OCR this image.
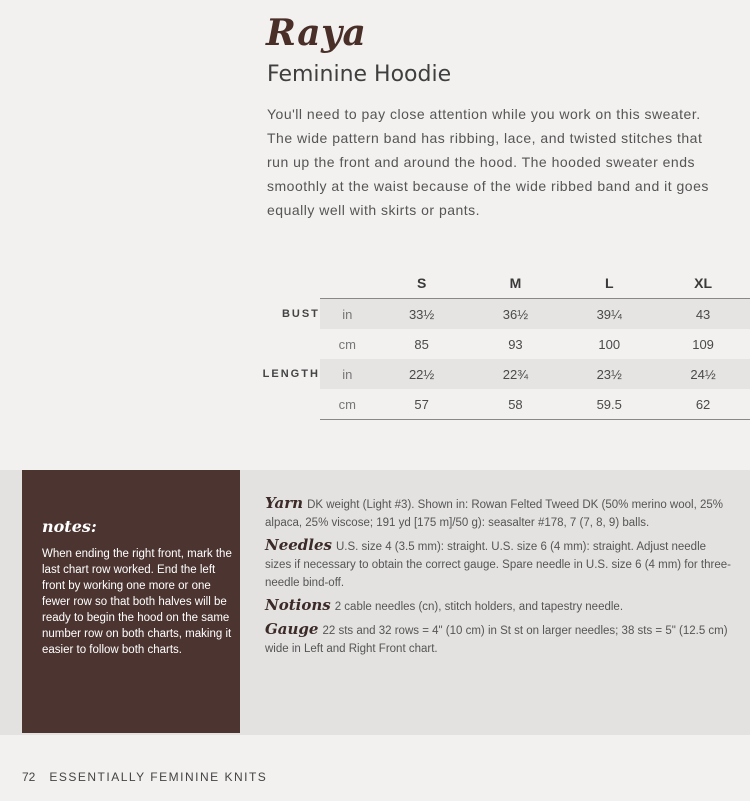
Raya
Feminine Hoodie
You'll need to pay close attention while you work on this sweater. The wide pattern band has ribbing, lace, and twisted stitches that run up the front and around the hood. The hooded sweater ends smoothly at the waist because of the wide ribbed band and it goes equally well with skirts or pants.
		S	M	L	XL
BUST	in	33½	36½	39¼	43
	cm	85	93	100	109
LENGTH	in	22½	22¾	23½	24½
	cm	57	58	59.5	62
notes:
When ending the right front, mark the last chart row worked. End the left front by working one more or one fewer row so that both halves will be ready to begin the hood on the same number row on both charts, making it easier to follow both charts.

Yarn DK weight (Light #3). Shown in: Rowan Felted Tweed DK (50% merino wool, 25% alpaca, 25% viscose; 191 yd [175 m]/50 g): seasalter #178, 7 (7, 8, 9) balls.

Needles U.S. size 4 (3.5 mm): straight. U.S. size 6 (4 mm): straight. Adjust needle sizes if necessary to obtain the correct gauge. Spare needle in U.S. size 6 (4 mm) for three-needle bind-off.

Notions 2 cable needles (cn), stitch holders, and tapestry needle.

Gauge 22 sts and 32 rows = 4" (10 cm) in St st on larger needles; 38 sts = 5" (12.5 cm) wide in Left and Right Front chart.

72 ESSENTIALLY FEMININE KNITS
